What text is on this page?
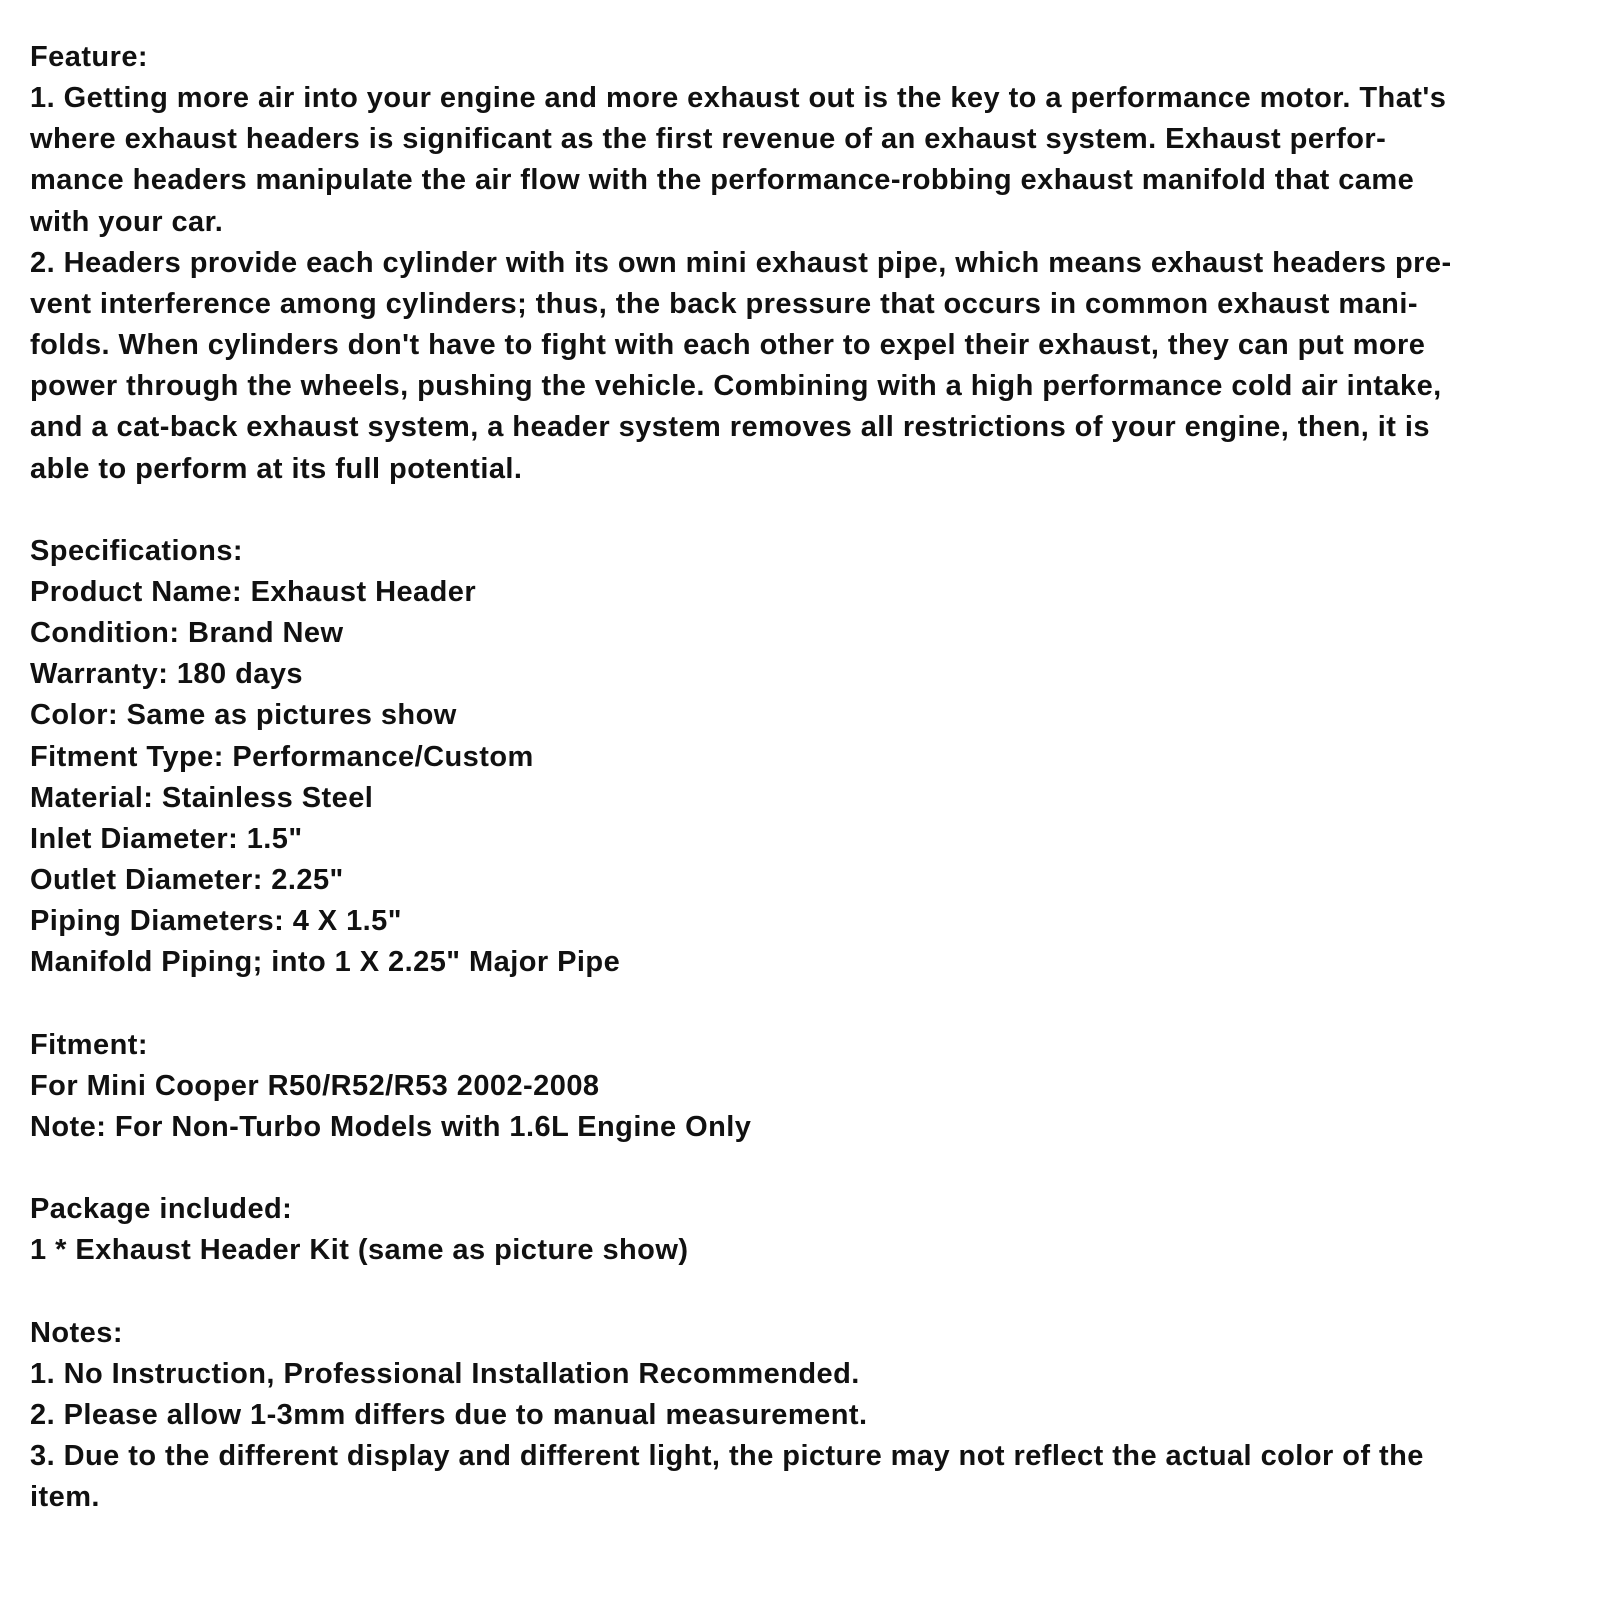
Feature:

1. Getting more air into your engine and more exhaust out is the key to a performance motor. That's

where exhaust headers is significant as the first revenue of an exhaust system. Exhaust perfor-

mance headers manipulate the air flow with the performance-robbing exhaust manifold that came

with your car.

2. Headers provide each cylinder with its own mini exhaust pipe, which means exhaust headers pre-

vent interference among cylinders; thus, the back pressure that occurs in common exhaust mani-

folds. When cylinders don't have to fight with each other to expel their exhaust, they can put more

power through the wheels, pushing the vehicle. Combining with a high performance cold air intake,

and a cat-back exhaust system, a header system removes all restrictions of your engine, then, it is

able to perform at its full potential.

Specifications:

Product Name: Exhaust Header

Condition: Brand New

Warranty: 180 days

Color: Same as pictures show

Fitment Type: Performance/Custom

Material: Stainless Steel

Inlet Diameter: 1.5"

Outlet Diameter: 2.25"

Piping Diameters: 4 X 1.5"

Manifold Piping; into 1 X 2.25" Major Pipe

Fitment:

For Mini Cooper R50/R52/R53 2002-2008

Note: For Non-Turbo Models with 1.6L Engine Only

Package included:

1 * Exhaust Header Kit (same as picture show)

Notes:

1. No Instruction, Professional Installation Recommended.

2. Please allow 1-3mm differs due to manual measurement.

3. Due to the different display and different light, the picture may not reflect the actual color of the

item.
